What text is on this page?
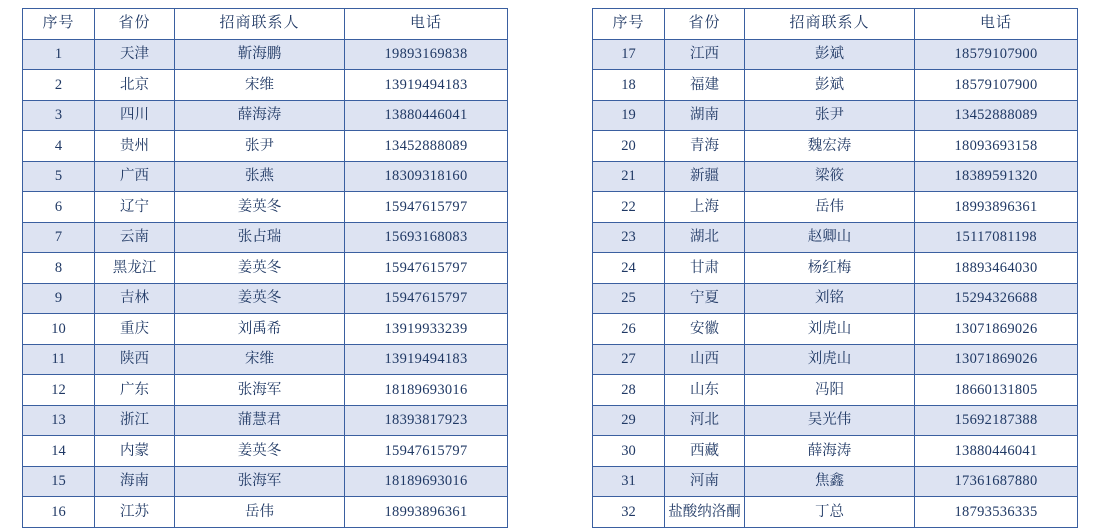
序号	省份	招商联系人	电话
1	天津	靳海鹏	19893169838
2	北京	宋维	13919494183
3	四川	薛海涛	13880446041
4	贵州	张尹	13452888089
5	广西	张燕	18309318160
6	辽宁	姜英冬	15947615797
7	云南	张占瑞	15693168083
8	黑龙江	姜英冬	15947615797
9	吉林	姜英冬	15947615797
10	重庆	刘禹希	13919933239
11	陕西	宋维	13919494183
12	广东	张海军	18189693016
13	浙江	蒲慧君	18393817923
14	内蒙	姜英冬	15947615797
15	海南	张海军	18189693016
16	江苏	岳伟	18993896361
序号	省份	招商联系人	电话
17	江西	彭斌	18579107900
18	福建	彭斌	18579107900
19	湖南	张尹	13452888089
20	青海	魏宏涛	18093693158
21	新疆	梁筱	18389591320
22	上海	岳伟	18993896361
23	湖北	赵卿山	15117081198
24	甘肃	杨红梅	18893464030
25	宁夏	刘铭	15294326688
26	安徽	刘虎山	13071869026
27	山西	刘虎山	13071869026
28	山东	冯阳	18660131805
29	河北	吴光伟	15692187388
30	西藏	薛海涛	13880446041
31	河南	焦鑫	17361687880
32	盐酸纳洛酮	丁总	18793536335
